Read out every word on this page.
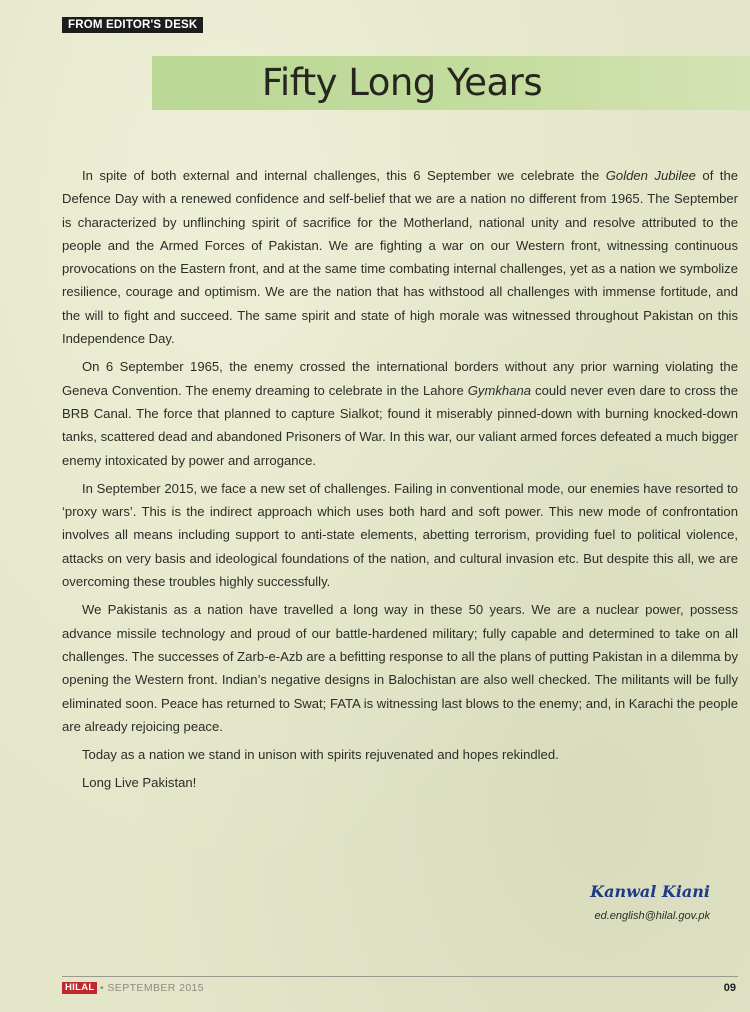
FROM EDITOR'S DESK
Fifty Long Years

In spite of both external and internal challenges, this 6 September we celebrate the Golden Jubilee of the Defence Day with a renewed confidence and self-belief that we are a nation no different from 1965. The September is characterized by unflinching spirit of sacrifice for the Motherland, national unity and resolve attributed to the people and the Armed Forces of Pakistan. We are fighting a war on our Western front, witnessing continuous provocations on the Eastern front, and at the same time combating internal challenges, yet as a nation we symbolize resilience, courage and optimism. We are the nation that has withstood all challenges with immense fortitude, and the will to fight and succeed. The same spirit and state of high morale was witnessed throughout Pakistan on this Independence Day.

On 6 September 1965, the enemy crossed the international borders without any prior warning violating the Geneva Convention. The enemy dreaming to celebrate in the Lahore Gymkhana could never even dare to cross the BRB Canal. The force that planned to capture Sialkot; found it miserably pinned-down with burning knocked-down tanks, scattered dead and abandoned Prisoners of War. In this war, our valiant armed forces defeated a much bigger enemy intoxicated by power and arrogance.

In September 2015, we face a new set of challenges. Failing in conventional mode, our enemies have resorted to ‘proxy wars’. This is the indirect approach which uses both hard and soft power. This new mode of confrontation involves all means including support to anti-state elements, abetting terrorism, providing fuel to political violence, attacks on very basis and ideological foundations of the nation, and cultural invasion etc. But despite this all, we are overcoming these troubles highly successfully.

We Pakistanis as a nation have travelled a long way in these 50 years. We are a nuclear power, possess advance missile technology and proud of our battle-hardened military; fully capable and determined to take on all challenges. The successes of Zarb-e-Azb are a befitting response to all the plans of putting Pakistan in a dilemma by opening the Western front. Indian’s negative designs in Balochistan are also well checked. The militants will be fully eliminated soon. Peace has returned to Swat; FATA is witnessing last blows to the enemy; and, in Karachi the people are already rejoicing peace.

Today as a nation we stand in unison with spirits rejuvenated and hopes rekindled.

Long Live Pakistan!

Kanwal Kiani
ed.english@hilal.gov.pk
HILAL • SEPTEMBER 2015	09
